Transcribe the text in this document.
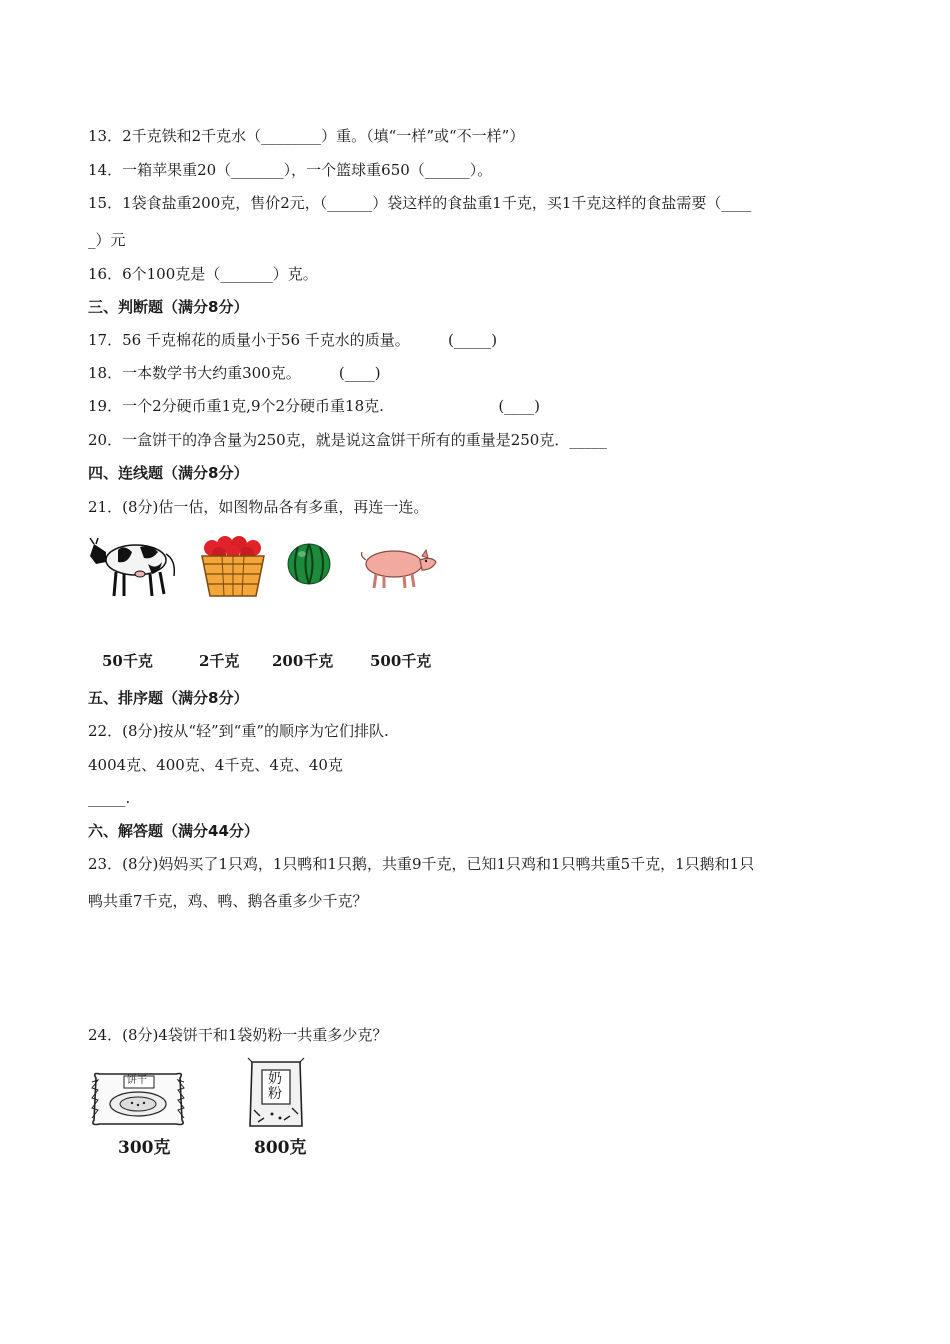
13．2千克铁和2千克水（________）重。（填“一样”或“不一样”）
14．一箱苹果重20（_______），一个篮球重650（______）。
15．1袋食盐重200克，售价2元，（______）袋这样的食盐重1千克，买1千克这样的食盐需要（____
_）元
16．6个100克是（_______）克。
三、判断题（满分8分）
17．56 千克棉花的质量小于56 千克水的质量。        (_____)
18．一本数学书大约重300克。        (____)
19．一个2分硬币重1克,9个2分硬币重18克.                        (____)
20．一盒饼干的净含量为250克，就是说这盒饼干所有的重量是250克．_____
四、连线题（满分8分）
21．(8分)估一估，如图物品各有多重，再连一连。
50千克	2千克 200千克 500千克
五、排序题（满分8分）
22．(8分)按从“轻”到“重”的顺序为它们排队.
4004克、400克、4千克、4克、40克
_____.
六、解答题（满分44分）
23．(8分)妈妈买了1只鸡，1只鸭和1只鹅，共重9千克，已知1只鸡和1只鸭共重5千克，1只鹅和1只
鸭共重7千克，鸡、鸭、鹅各重多少千克？
24．(8分)4袋饼干和1袋奶粉一共重多少克？
饼干
300克
奶粉
800克
